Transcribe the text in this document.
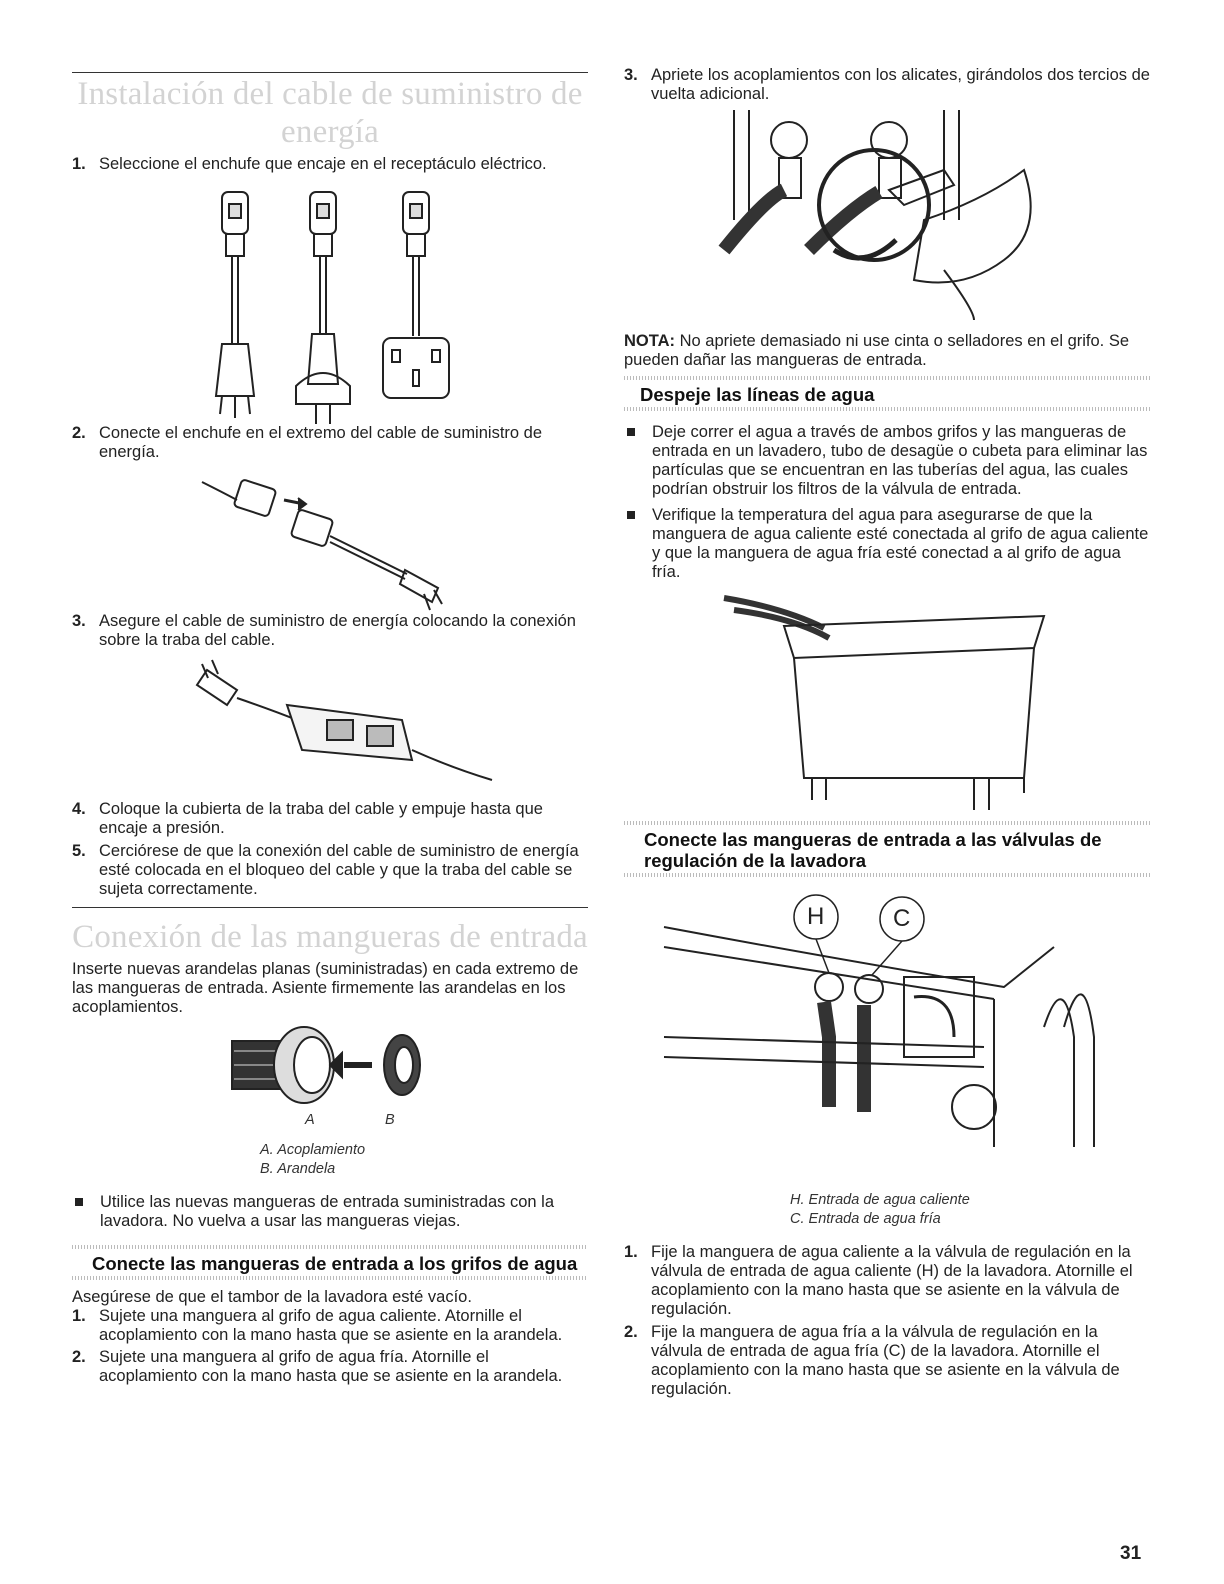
Instalación del cable de suministro de energía

1. Seleccione el enchufe que encaje en el receptáculo eléctrico.

2. Conecte el enchufe en el extremo del cable de suministro de energía.

3. Asegure el cable de suministro de energía colocando la conexión sobre la traba del cable.

4. Coloque la cubierta de la traba del cable y empuje hasta que encaje a presión.

5. Cerciórese de que la conexión del cable de suministro de energía esté colocada en el bloqueo del cable y que la traba del cable se sujeta correctamente.

Conexión de las mangueras de entrada

Inserte nuevas arandelas planas (suministradas) en cada extremo de las mangueras de entrada. Asiente firmemente las arandelas en los acoplamientos.

A	B
A. Acoplamiento
B. Arandela

Utilice las nuevas mangueras de entrada suministradas con la lavadora. No vuelva a usar las mangueras viejas.

Conecte las mangueras de entrada a los grifos de agua

Asegúrese de que el tambor de la lavadora esté vacío.

1. Sujete una manguera al grifo de agua caliente. Atornille el acoplamiento con la mano hasta que se asiente en la arandela.

2. Sujete una manguera al grifo de agua fría. Atornille el acoplamiento con la mano hasta que se asiente en la arandela.

3. Apriete los acoplamientos con los alicates, girándolos dos tercios de vuelta adicional.

NOTA: No apriete demasiado ni use cinta o selladores en el grifo. Se pueden dañar las mangueras de entrada.

Despeje las líneas de agua

Deje correr el agua a través de ambos grifos y las mangueras de entrada en un lavadero, tubo de desagüe o cubeta para eliminar las partículas que se encuentran en las tuberías del agua, las cuales podrían obstruir los filtros de la válvula de entrada.

Verifique la temperatura del agua para asegurarse de que la manguera de agua caliente esté conectada al grifo de agua caliente y que la manguera de agua fría esté conectad a al grifo de agua fría.

Conecte las mangueras de entrada a las válvulas de regulación de la lavadora

H	C
H. Entrada de agua caliente
C. Entrada de agua fría

1. Fije la manguera de agua caliente a la válvula de regulación en la válvula de entrada de agua caliente (H) de la lavadora. Atornille el acoplamiento con la mano hasta que se asiente en la válvula de regulación.

2. Fije la manguera de agua fría a la válvula de regulación en la válvula de entrada de agua fría (C) de la lavadora. Atornille el acoplamiento con la mano hasta que se asiente en la válvula de regulación.

31
